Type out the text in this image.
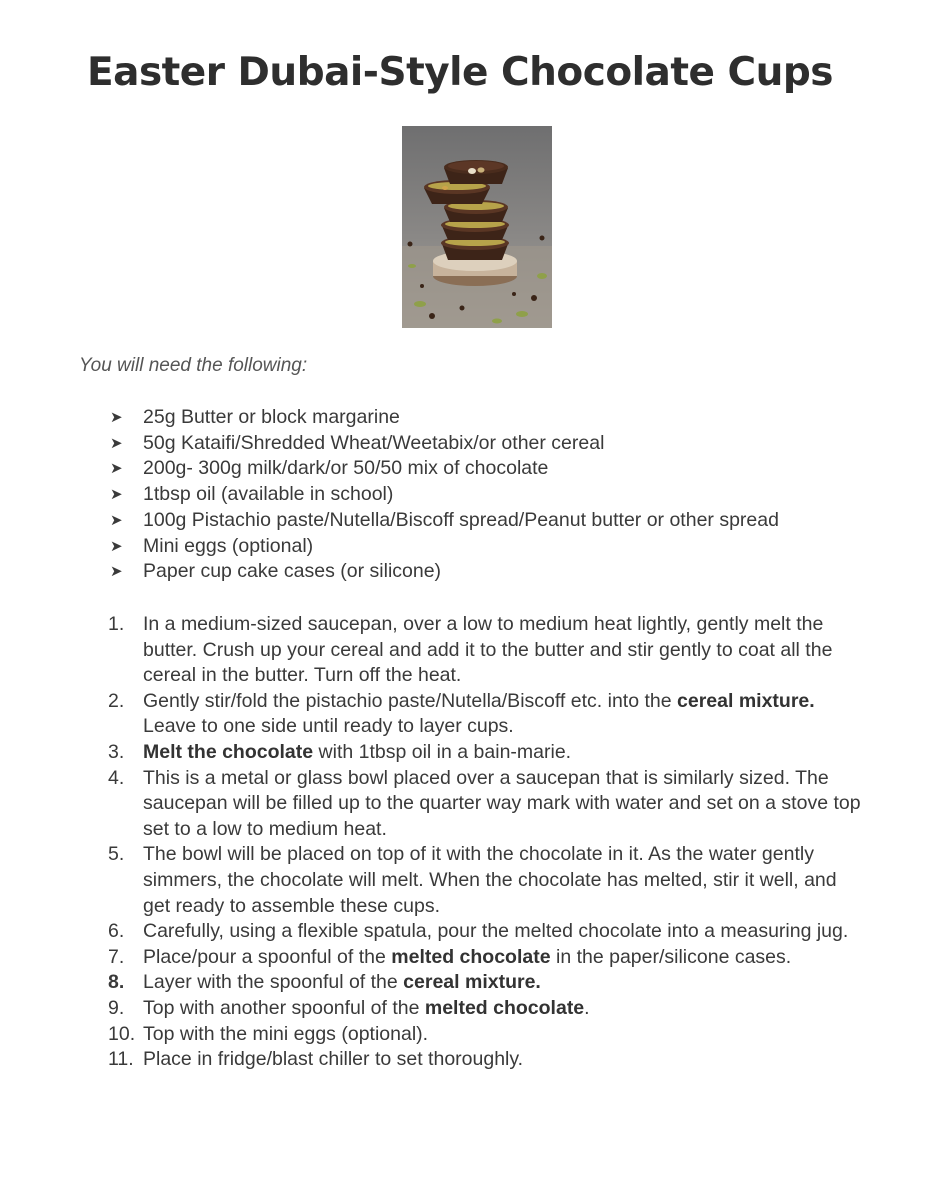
Easter Dubai-Style Chocolate Cups
You will need the following:
➤ 25g Butter or block margarine
➤ 50g Kataifi/Shredded Wheat/Weetabix/or other cereal
➤ 200g- 300g milk/dark/or 50/50 mix of chocolate
➤ 1tbsp oil (available in school)
➤ 100g Pistachio paste/Nutella/Biscoff spread/Peanut butter or other spread
➤ Mini eggs (optional)
➤ Paper cup cake cases (or silicone)
1. In a medium-sized saucepan, over a low to medium heat lightly, gently melt the butter. Crush up your cereal and add it to the butter and stir gently to coat all the cereal in the butter. Turn off the heat.
2. Gently stir/fold the pistachio paste/Nutella/Biscoff etc. into the cereal mixture. Leave to one side until ready to layer cups.
3. Melt the chocolate with 1tbsp oil in a bain-marie.
4. This is a metal or glass bowl placed over a saucepan that is similarly sized. The saucepan will be filled up to the quarter way mark with water and set on a stove top set to a low to medium heat.
5. The bowl will be placed on top of it with the chocolate in it. As the water gently simmers, the chocolate will melt. When the chocolate has melted, stir it well, and get ready to assemble these cups.
6. Carefully, using a flexible spatula, pour the melted chocolate into a measuring jug.
7. Place/pour a spoonful of the melted chocolate in the paper/silicone cases.
8. Layer with the spoonful of the cereal mixture.
9. Top with another spoonful of the melted chocolate.
10. Top with the mini eggs (optional).
11. Place in fridge/blast chiller to set thoroughly.
